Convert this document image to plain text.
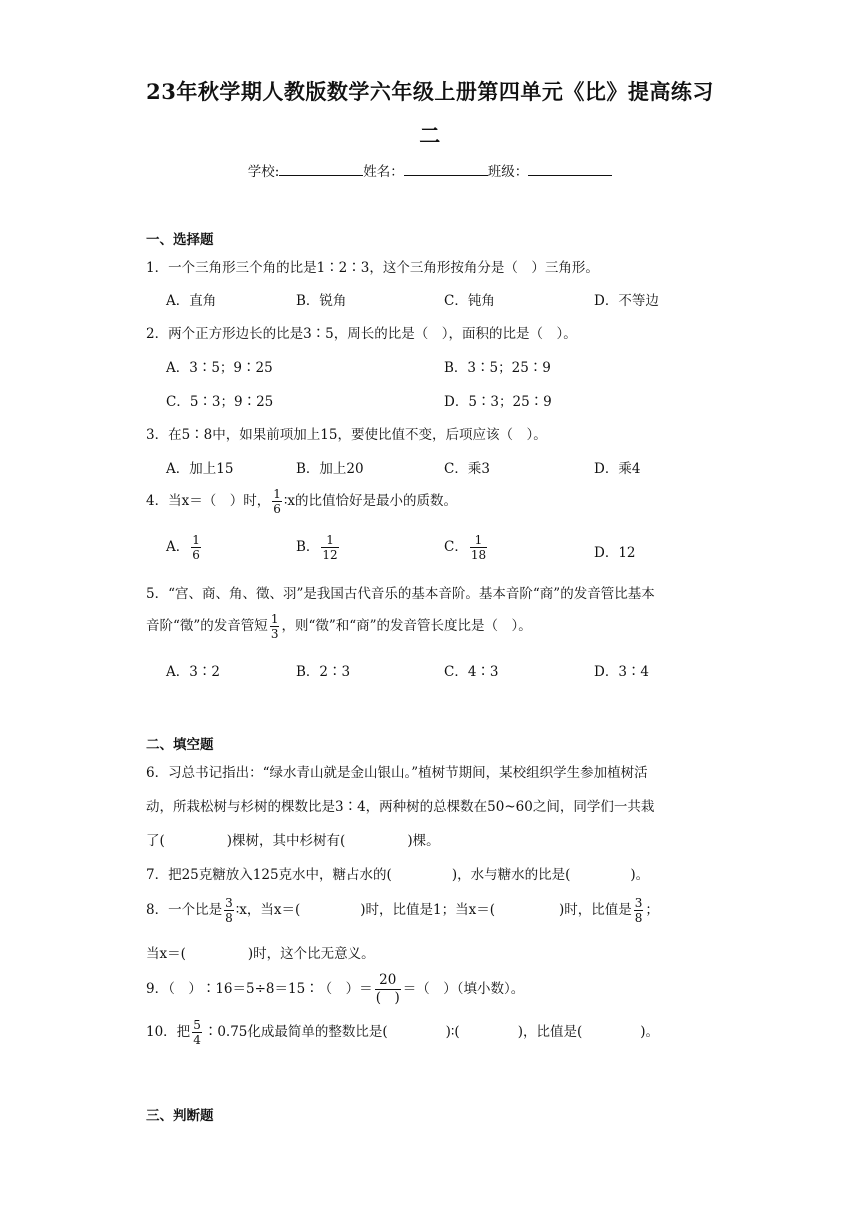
23年秋学期人教版数学六年级上册第四单元《比》提高练习
二
学校:	姓名：	班级：
一、选择题
1．一个三角形三个角的比是1∶2∶3，这个三角形按角分是（　）三角形。
A．直角	B．锐角	C．钝角	D．不等边
2．两个正方形边长的比是3∶5，周长的比是（　），面积的比是（　）。
A．3∶5；9∶25	B．3∶5；25∶9
C．5∶3；9∶25	D．5∶3；25∶9
3．在5∶8中，如果前项加上15，要使比值不变，后项应该（　）。
A．加上15	B．加上20	C．乘3	D．乘4
4．当x＝（　）时， $\frac{1}{6}$ ∶x的比值恰好是最小的质数。
A． $\frac{1}{6}$	B． $\frac{1}{12}$	C． $\frac{1}{18}$	D．12
5．“宫、商、角、徵、羽”是我国古代音乐的基本音阶。基本音阶“商”的发音管比基本
音阶“徵”的发音管短 $\frac{1}{3}$ ，则“徵”和“商”的发音管长度比是（　）。
A．3∶2	B．2∶3	C．4∶3	D．3∶4
二、填空题
6．习总书记指出：“绿水青山就是金山银山。”植树节期间，某校组织学生参加植树活
动，所栽松树与杉树的棵数比是3∶4，两种树的总棵数在50~60之间，同学们一共栽
了(	)棵树，其中杉树有(	)棵。
7．把25克糖放入125克水中，糖占水的(	)，水与糖水的比是(	)。
8．一个比是 $\frac{3}{8}$ ∶x，当x＝(	)时，比值是1；当x＝(	)时，比值是 $\frac{3}{8}$ ；
当x＝(	)时，这个比无意义。
9．（　）∶16＝5÷8＝15∶（　）＝ $\frac{20}{( )}$ ＝（　）（填小数）。
10．把 $\frac{5}{4}$ ∶0.75化成最简单的整数比是(	)∶(	)，比值是(	)。
三、判断题
